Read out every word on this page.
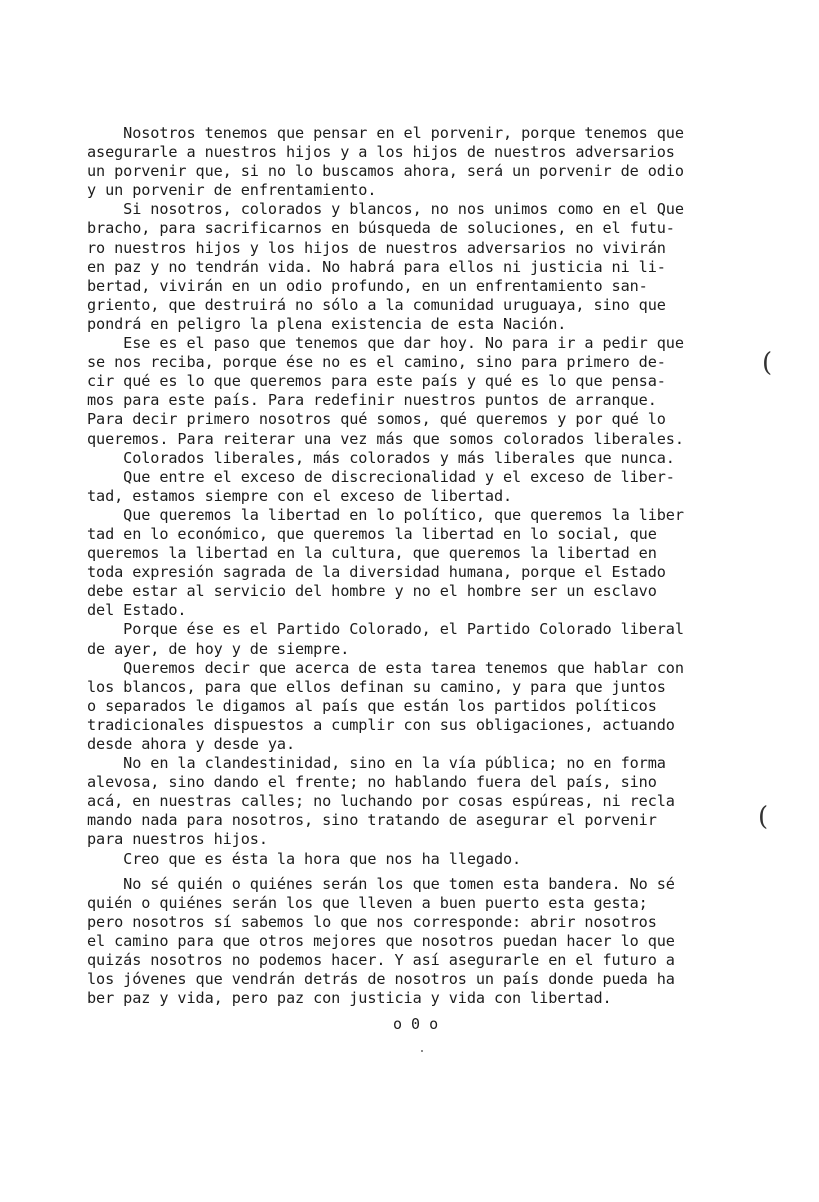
Nosotros tenemos que pensar en el porvenir, porque tenemos que
asegurarle a nuestros hijos y a los hijos de nuestros adversarios
un porvenir que, si no lo buscamos ahora, será un porvenir de odio
y un porvenir de enfrentamiento.
Si nosotros, colorados y blancos, no nos unimos como en el Que
bracho, para sacrificarnos en búsqueda de soluciones, en el futu-
ro nuestros hijos y los hijos de nuestros adversarios no vivirán
en paz y no tendrán vida. No habrá para ellos ni justicia ni li-
bertad, vivirán en un odio profundo, en un enfrentamiento san-
griento, que destruirá no sólo a la comunidad uruguaya, sino que
pondrá en peligro la plena existencia de esta Nación.
Ese es el paso que tenemos que dar hoy. No para ir a pedir que
se nos reciba, porque ése no es el camino, sino para primero de-
cir qué es lo que queremos para este país y qué es lo que pensa-
mos para este país. Para redefinir nuestros puntos de arranque.
Para decir primero nosotros qué somos, qué queremos y por qué lo
queremos. Para reiterar una vez más que somos colorados liberales.
Colorados liberales, más colorados y más liberales que nunca.
Que entre el exceso de discrecionalidad y el exceso de liber-
tad, estamos siempre con el exceso de libertad.
Que queremos la libertad en lo político, que queremos la liber
tad en lo económico, que queremos la libertad en lo social, que
queremos la libertad en la cultura, que queremos la libertad en
toda expresión sagrada de la diversidad humana, porque el Estado
debe estar al servicio del hombre y no el hombre ser un esclavo
del Estado.
Porque ése es el Partido Colorado, el Partido Colorado liberal
de ayer, de hoy y de siempre.
Queremos decir que acerca de esta tarea tenemos que hablar con
los blancos, para que ellos definan su camino, y para que juntos
o separados le digamos al país que están los partidos políticos
tradicionales dispuestos a cumplir con sus obligaciones, actuando
desde ahora y desde ya.
No en la clandestinidad, sino en la vía pública; no en forma
alevosa, sino dando el frente; no hablando fuera del país, sino
acá, en nuestras calles; no luchando por cosas espúreas, ni recla
mando nada para nosotros, sino tratando de asegurar el porvenir
para nuestros hijos.
Creo que es ésta la hora que nos ha llegado.
No sé quién o quiénes serán los que tomen esta bandera. No sé
quién o quiénes serán los que lleven a buen puerto esta gesta;
pero nosotros sí sabemos lo que nos corresponde: abrir nosotros
el camino para que otros mejores que nosotros puedan hacer lo que
quizás nosotros no podemos hacer. Y así asegurarle en el futuro a
los jóvenes que vendrán detrás de nosotros un país donde pueda ha
ber paz y vida, pero paz con justicia y vida con libertad.
o 0 o
(
(
